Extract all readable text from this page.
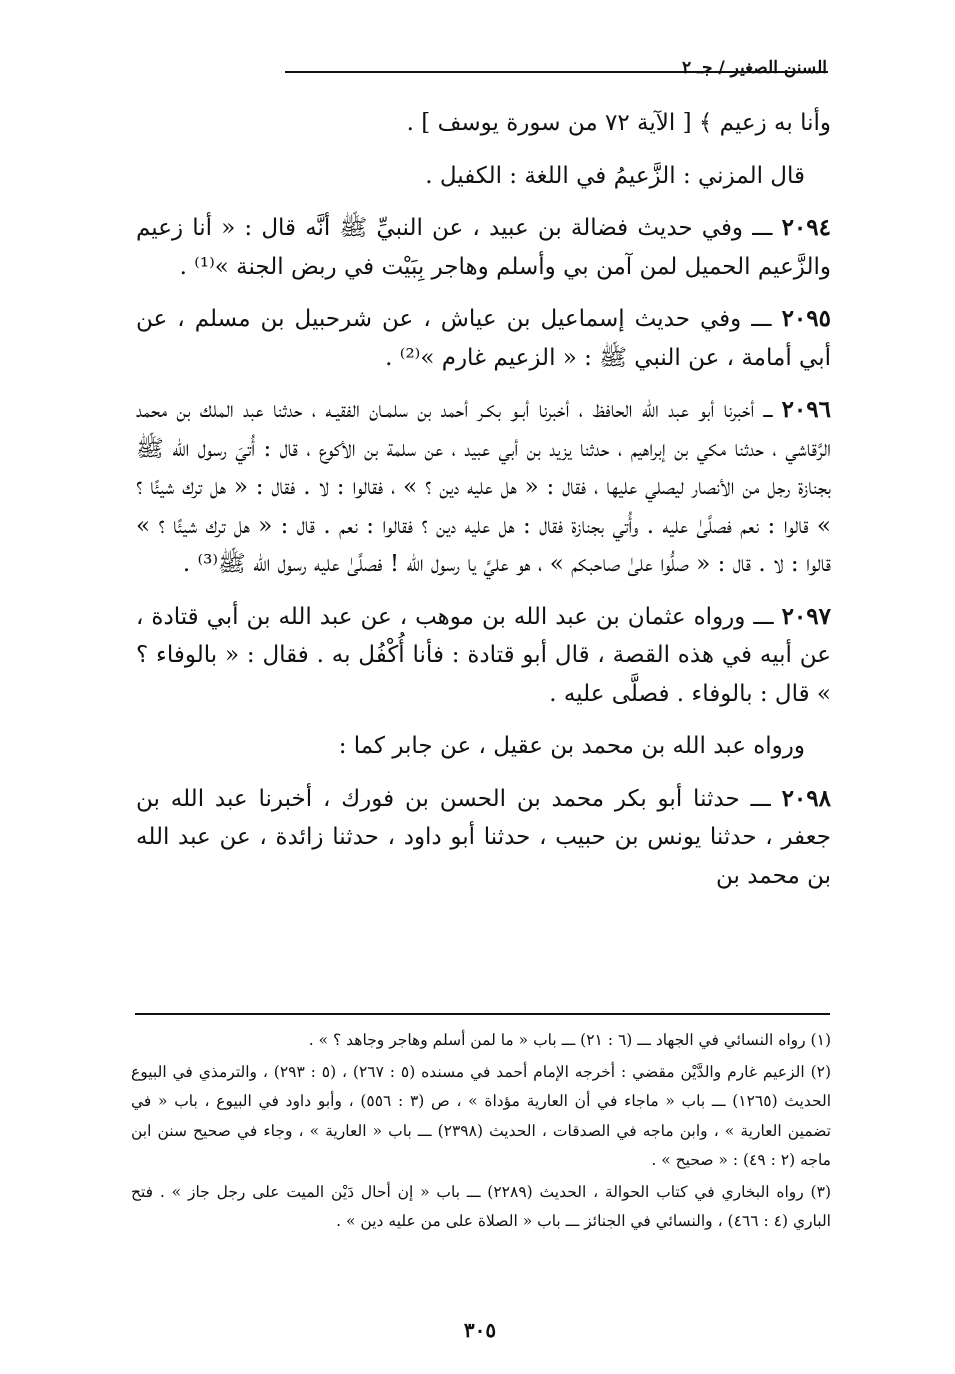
السنن الصغير / جـ ٢

وأنا به زعيم ﴾ [ الآية ٧٢ من سورة يوسف ] .

قال المزني : الزَّعيمُ في اللغة : الكفيل .

٢٠٩٤ ـــ وفي حديث فضالة بن عبيد ، عن النبيِّ ﷺ أنَّه قال : « أنا زعيم والزَّعيم الحميل لمن آمن بي وأسلم وهاجر بِبَيْت في ربض الجنة »⁽¹⁾ .

٢٠٩٥ ـــ وفي حديث إسماعيل بن عياش ، عن شرحبيل بن مسلم ، عن أبي أمامة ، عن النبي ﷺ : « الزعيم غارم »⁽²⁾ .

٢٠٩٦ ـــ أخبرنا أبو عبد الله الحافظ ، أخبرنا أبـو بكـر أحمد بن سلمـان الفقيـه ، حدثنا عبد الملك بن محمد الرَّقاشي ، حدثنا مكي بن إبراهيم ، حدثنا يزيد بن أبي عبيد ، عن سلمة بن الأكوع ، قال : أُتيَ رسول الله ﷺ بجنازة رجل من الأنصار ليصلي عليها ، فقال : « هل عليه دين ؟ » ، فقالوا : لا . فقال : « هل ترك شيئًا ؟ » قالوا : نعم فصلَّىٰ عليه . وأُتي بجنازة فقال : هل عليه دين ؟ فقالوا : نعم . قال : « هل ترك شيئًا ؟ » قالوا : لا . قال : « صلُّوا علىٰ صاحبكم » ، هو عليَّ يا رسول الله ! فصلَّىٰ عليه رسول الله ﷺ⁽³⁾ .

٢٠٩٧ ـــ ورواه عثمان بن عبد الله بن موهب ، عن عبد الله بن أبي قتادة ، عن أبيه في هذه القصة ، قال أبو قتادة : فأنا أُكْفُل به . فقال : « بالوفاء ؟ » قال : بالوفاء . فصلَّى عليه .

ورواه عبد الله بن محمد بن عقيل ، عن جابر كما :

٢٠٩٨ ـــ حدثنا أبو بكر محمد بن الحسن بن فورك ، أخبرنا عبد الله بن جعفر ، حدثنا يونس بن حبيب ، حدثنا أبو داود ، حدثنا زائدة ، عن عبد الله بن محمد بن

(١) رواه النسائي في الجهاد ـــ (٦ : ٢١) ـــ باب « ما لمن أسلم وهاجر وجاهد ؟ » .

(٢) الزعيم غارم والدَّيْن مقضي : أخرجه الإمام أحمد في مسنده (٥ : ٢٦٧) ، (٥ : ٢٩٣) ، والترمذي في البيوع الحديث (١٢٦٥) ـــ باب « ماجاء في أن العارية مؤداة » ، ص (٣ : ٥٥٦) ، وأبو داود في البيوع ، باب « في تضمين العارية » ، وابن ماجه في الصدقات ، الحديث (٢٣٩٨) ـــ باب « العارية » ، وجاء في صحيح سنن ابن ماجه (٢ : ٤٩) : « صحيح » .

(٣) رواه البخاري في كتاب الحوالة ، الحديث (٢٢٨٩) ـــ باب « إن أحال دَيْن الميت على رجل جاز » . فتح الباري (٤ : ٤٦٦) ، والنسائي في الجنائز ـــ باب « الصلاة على من عليه دين » .

٣٠٥
